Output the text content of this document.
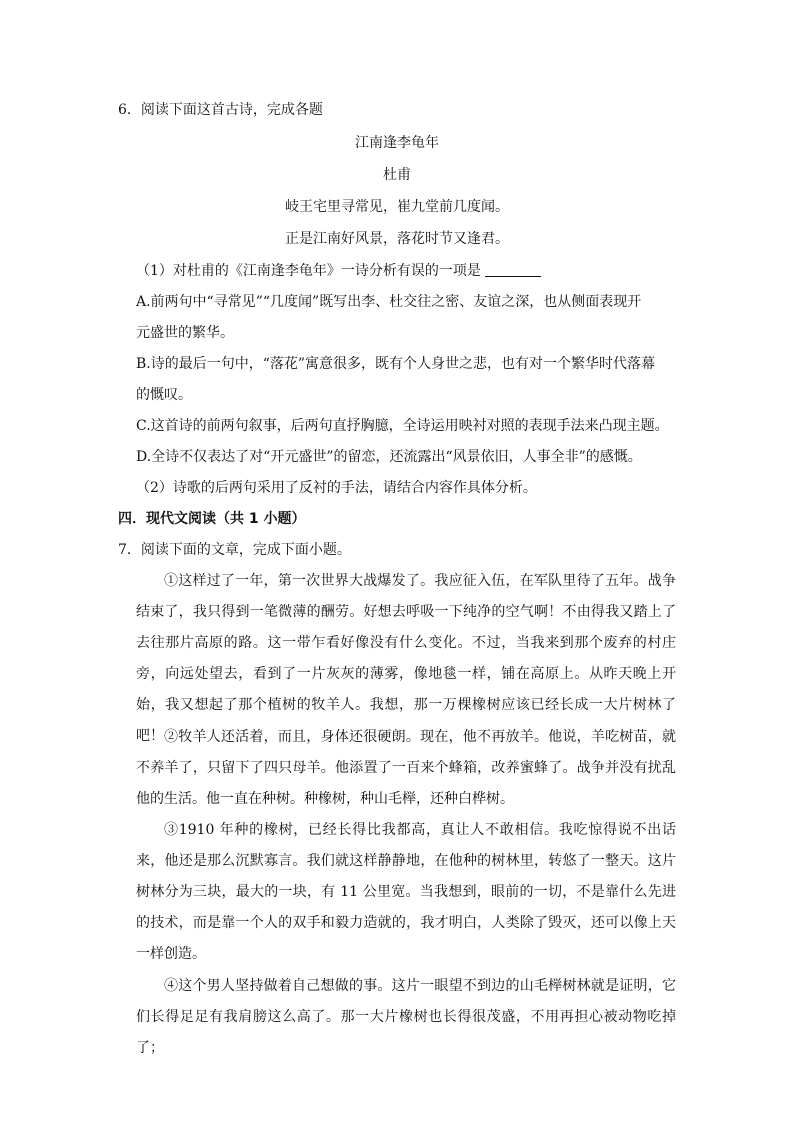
6．阅读下面这首古诗，完成各题
江南逢李龟年
杜甫
岐王宅里寻常见，崔九堂前几度闻。
正是江南好风景，落花时节又逢君。
（1）对杜甫的《江南逢李龟年》一诗分析有误的一项是
A.前两句中“寻常见”“几度闻”既写出李、杜交往之密、友谊之深，也从侧面表现开
元盛世的繁华。
B.诗的最后一句中，“落花”寓意很多，既有个人身世之悲，也有对一个繁华时代落幕
的慨叹。
C.这首诗的前两句叙事，后两句直抒胸臆，全诗运用映衬对照的表现手法来凸现主题。
D.全诗不仅表达了对“开元盛世”的留恋，还流露出“风景依旧，人事全非”的感慨。
（2）诗歌的后两句采用了反衬的手法，请结合内容作具体分析。
四．现代文阅读（共 1 小题）
7．阅读下面的文章，完成下面小题。
①这样过了一年，第一次世界大战爆发了。我应征入伍，在军队里待了五年。战争结束了，我只得到一笔微薄的酬劳。好想去呼吸一下纯净的空气啊！不由得我又踏上了去往那片高原的路。这一带乍看好像没有什么变化。不过，当我来到那个废弃的村庄旁，向远处望去，看到了一片灰灰的薄雾，像地毯一样，铺在高原上。从昨天晚上开始，我又想起了那个植树的牧羊人。我想，那一万棵橡树应该已经长成一大片树林了吧！ ②牧羊人还活着，而且，身体还很硬朗。现在，他不再放羊。他说，羊吃树苗，就不养羊了，只留下了四只母羊。他添置了一百来个蜂箱，改养蜜蜂了。战争并没有扰乱他的生活。他一直在种树。种橡树，种山毛榉，还种白桦树。
③1910 年种的橡树，已经长得比我都高，真让人不敢相信。我吃惊得说不出话来，他还是那么沉默寡言。我们就这样静静地，在他种的树林里，转悠了一整天。这片树林分为三块，最大的一块，有 11 公里宽。当我想到，眼前的一切，不是靠什么先进的技术，而是靠一个人的双手和毅力造就的，我才明白，人类除了毁灭，还可以像上天一样创造。
④这个男人坚持做着自己想做的事。这片一眼望不到边的山毛榉树林就是证明，它们长得足足有我肩膀这么高了。那一大片橡树也长得很茂盛，不用再担心被动物吃掉了；
